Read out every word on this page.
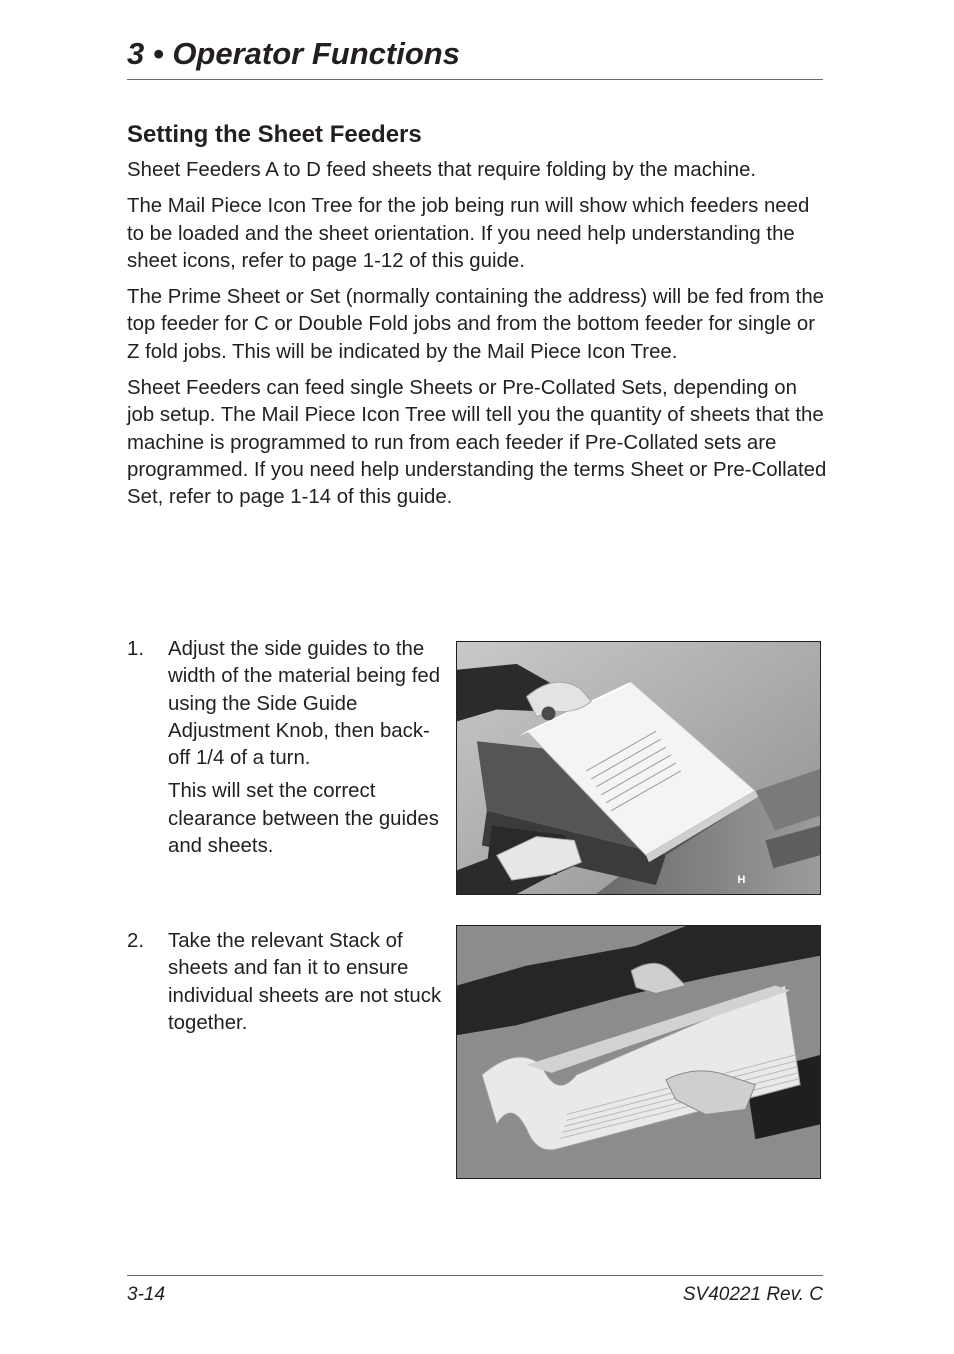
3 • Operator Functions
Setting the Sheet Feeders

Sheet Feeders A to D feed sheets that require folding by the machine.

The Mail Piece Icon Tree for the job being run will show which feeders need to be loaded and the sheet orientation. If you need help understanding the sheet icons, refer to page 1-12 of this guide.

The Prime Sheet or Set (normally containing the address) will be fed from the top feeder for C or Double Fold jobs and from the bottom feeder for single or Z fold jobs. This will be indicated by the Mail Piece Icon Tree.

Sheet Feeders can feed single Sheets or Pre-Collated Sets, depending on job setup. The Mail Piece Icon Tree will tell you the quantity of sheets that the machine is programmed to run from each feeder if Pre-Collated sets are programmed. If you need help understanding the terms Sheet or Pre-Collated Set, refer to page 1-14 of this guide.

1. Adjust the side guides to the width of the material being fed using the Side Guide Adjustment Knob, then back-off 1/4 of a turn.

This will set the correct clearance between the guides and sheets.

H
2. Take the relevant Stack of sheets and fan it to ensure individual sheets are not stuck together.

3-14	SV40221 Rev. C
